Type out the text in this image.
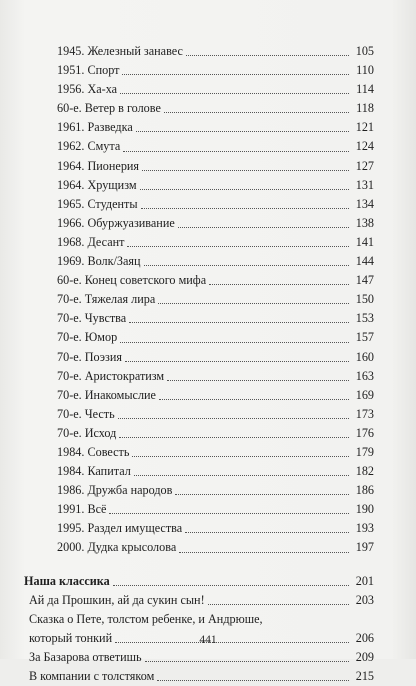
1945. Железный занавес	105
1951. Спорт	110
1956. Ха-ха	114
60-е. Ветер в голове	118
1961. Разведка	121
1962. Смута	124
1964. Пионерия	127
1964. Хрущизм	131
1965. Студенты	134
1966. Обуржуазивание	138
1968. Десант	141
1969. Волк/Заяц	144
60-е. Конец советского мифа	147
70-е. Тяжелая лира	150
70-е. Чувства	153
70-е. Юмор	157
70-е. Поэзия	160
70-е. Аристократизм	163
70-е. Инакомыслие	169
70-е. Честь	173
70-е. Исход	176
1984. Совесть	179
1984. Капитал	182
1986. Дружба народов	186
1991. Всё	190
1995. Раздел имущества	193
2000. Дудка крысолова	197
Наша классика	201
Ай да Прошкин, ай да сукин сын!	203
Сказка о Пете, толстом ребенке, и Андрюше,
который тонкий	206
За Базарова ответишь	209
В компании с толстяком	215
441
